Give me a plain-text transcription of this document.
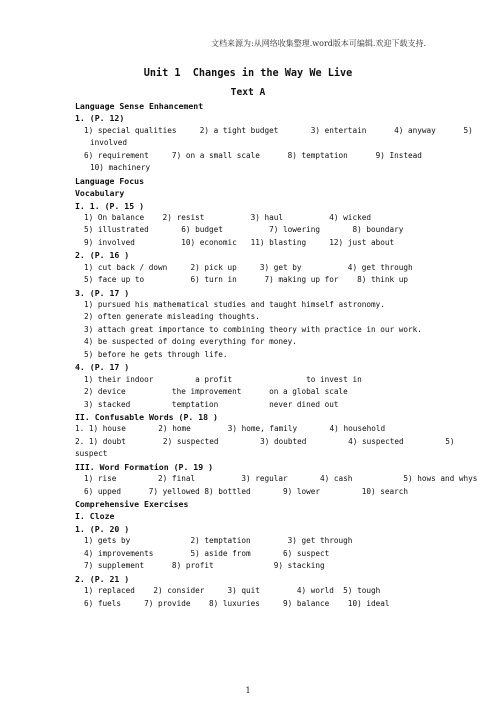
文档来源为:从网络收集整理.word版本可编辑.欢迎下载支持.
Unit 1  Changes in the Way We Live
Text A
Language Sense Enhancement
1. (P. 12)
1) special qualities     2) a tight budget       3) entertain      4) anyway      5)
involved
6) requirement     7) on a small scale      8) temptation      9) Instead
10) machinery
Language Focus
Vocabulary
I. 1. (P. 15 )
1) On balance    2) resist          3) haul          4) wicked
5) illustrated       6) budget          7) lowering       8) boundary
9) involved          10) economic   11) blasting     12) just about
2. (P. 16 )
1) cut back / down     2) pick up     3) get by          4) get through
5) face up to          6) turn in      7) making up for    8) think up
3. (P. 17 )
1) pursued his mathematical studies and taught himself astronomy.
2) often generate misleading thoughts.
3) attach great importance to combining theory with practice in our work.
4) be suspected of doing everything for money.
5) before he gets through life.
4. (P. 17 )
1) their indoor         a profit                to invest in
2) device          the improvement      on a global scale
3) stacked         temptation           never dined out
II. Confusable Words (P. 18 )
1. 1) house       2) home        3) home, family       4) household
2. 1) doubt        2) suspected         3) doubted         4) suspected         5)
suspect
III. Word Formation (P. 19 )
1) rise         2) final          3) regular       4) cash           5) hows and whys
6) upped      7) yellowed 8) bottled       9) lower         10) search
Comprehensive Exercises
I. Cloze
1. (P. 20 )
1) gets by             2) temptation        3) get through
4) improvements        5) aside from       6) suspect
7) supplement      8) profit             9) stacking
2. (P. 21 )
1) replaced    2) consider     3) quit        4) world  5) tough
6) fuels     7) provide    8) luxuries     9) balance    10) ideal
1
